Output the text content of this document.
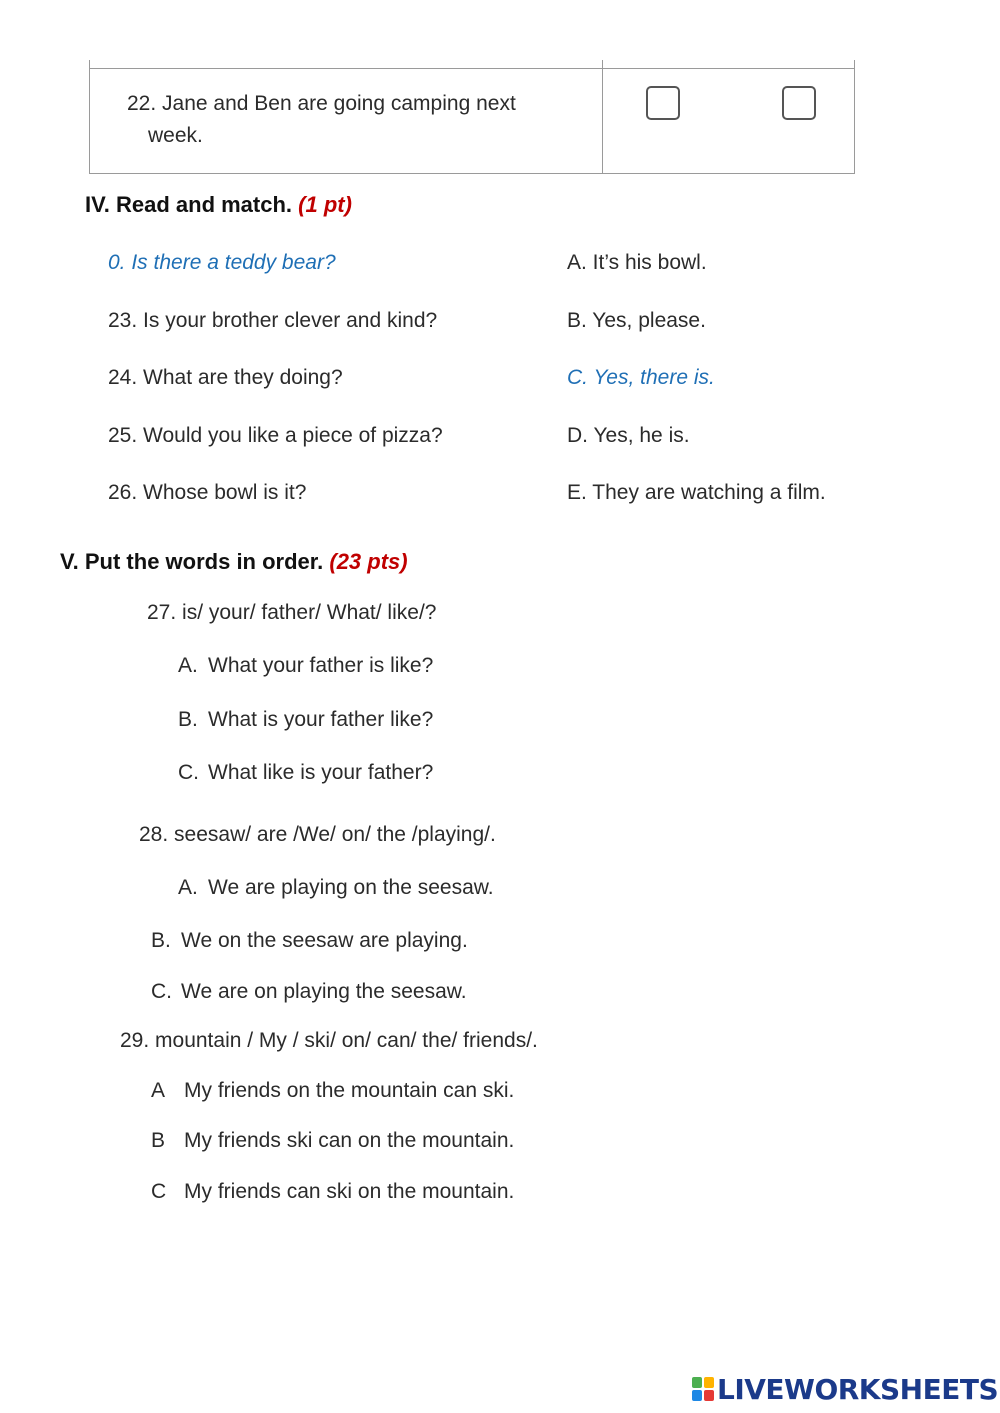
22. Jane and Ben are going camping next
week.
IV. Read and match. (1 pt)
0. Is there a teddy bear?
23. Is your brother clever and kind?
24. What are they doing?
25. Would you like a piece of pizza?
26. Whose bowl is it?
A. It’s his bowl.
B. Yes, please.
C. Yes, there is.
D. Yes, he is.
E. They are watching a film.
V. Put the words in order. (23 pts)
27. is/ your/ father/ What/ like/?
A. What your father is like?
B. What is your father like?
C. What like is your father?
28. seesaw/ are /We/ on/ the /playing/.
A. We are playing on the seesaw.
B. We on the seesaw are playing.
C. We are on playing the seesaw.
29. mountain / My / ski/ on/ can/ the/ friends/.
A My friends on the mountain can ski.
B My friends ski can on the mountain.
C My friends can ski on the mountain.
LIVEWORKSHEETS
